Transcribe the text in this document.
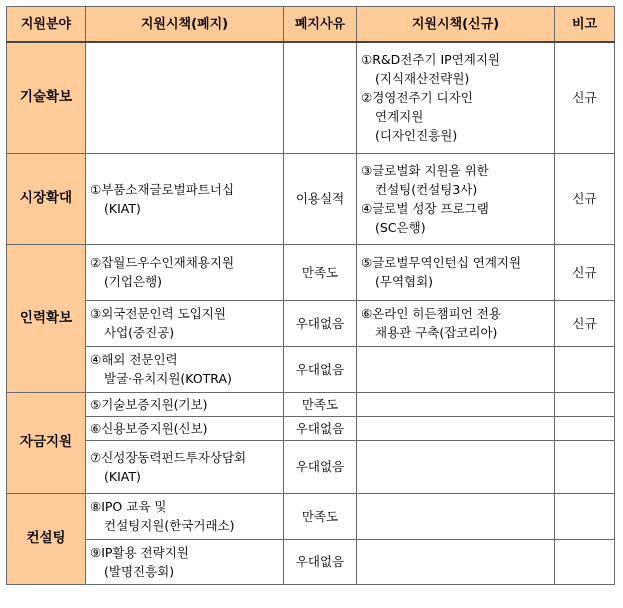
지원분야	지원시책(폐지)	폐지사유	지원시책(신규)	비고
기술확보			①R&D전주기 IP연계지원
(지식재산전략원)
②경영전주기 디자인
연계지원
(디자인진흥원)	신규
시장확대	①부품소재글로벌파트너십
(KIAT)	이용실적	③글로벌화 지원을 위한
컨설팅(컨설팅3사)
④글로벌 성장 프로그램
(SC은행)	신규
인력확보	②잡월드우수인재채용지원
(기업은행)	만족도	⑤글로벌무역인턴십 연계지원
(무역협회)	신규

	③외국전문인력 도입지원
사업(중진공)	우대없음	⑥온라인 히든챔피언 전용
채용관 구축(잡코리아)	신규

	④해외 전문인력
발굴·유치지원(KOTRA)	우대없음		
자금지원	⑤기술보증지원(기보)	만족도		
	⑥신용보증지원(신보)	우대없음		

	⑦신성장동력펀드투자상담회
(KIAT)	우대없음		
컨설팅	⑧IPO 교육 및
컨설팅지원(한국거래소)	만족도		

	⑨IP활용 전략지원
(발명진흥회)	우대없음		
